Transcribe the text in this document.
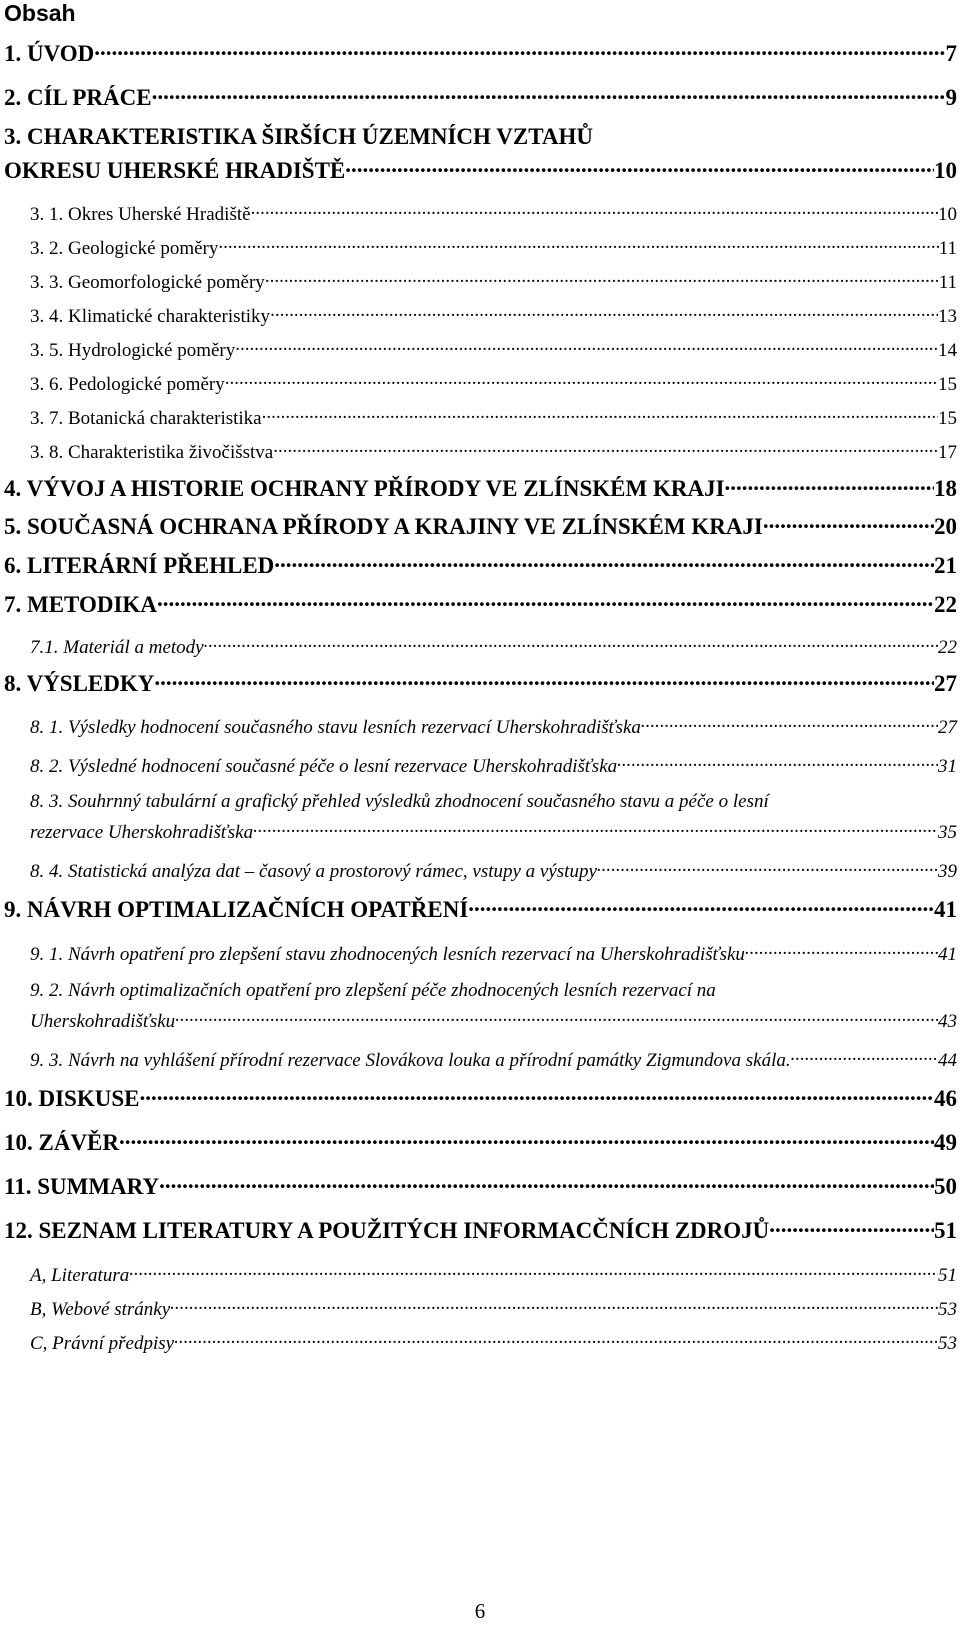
Obsah
1. ÚVOD .....	7
2. CÍL PRÁCE .....	9
3. CHARAKTERISTIKA ŠIRŠÍCH ÚZEMNÍCH VZTAHŮ
OKRESU UHERSKÉ HRADIŠTĚ .....	10
3. 1. Okres Uherské Hradiště .....	10
3. 2. Geologické poměry .....	11
3. 3. Geomorfologické poměry .....	11
3. 4. Klimatické charakteristiky .....	13
3. 5. Hydrologické poměry .....	14
3. 6. Pedologické poměry .....	15
3. 7. Botanická charakteristika .....	15
3. 8. Charakteristika živočišstva .....	17
4. VÝVOJ A HISTORIE OCHRANY PŘÍRODY VE ZLÍNSKÉM KRAJI .....	18
5. SOUČASNÁ OCHRANA PŘÍRODY A KRAJINY VE ZLÍNSKÉM KRAJI .....	20
6. LITERÁRNÍ PŘEHLED .....	21
7. METODIKA .....	22
7.1. Materiál a metody .....	22
8. VÝSLEDKY .....	27
8. 1. Výsledky hodnocení současného stavu lesních rezervací Uherskohradišťska .....	27
8. 2. Výsledné hodnocení současné péče o lesní rezervace Uherskohradišťska .....	31
8. 3. Souhrnný tabulární a grafický přehled výsledků zhodnocení současného stavu a péče o lesní
rezervace Uherskohradišťska .....	35
8. 4. Statistická analýza dat – časový a prostorový rámec, vstupy a výstupy .....	39
9. NÁVRH OPTIMALIZAČNÍCH OPATŘENÍ .....	41
9. 1. Návrh opatření pro zlepšení stavu zhodnocených lesních rezervací na Uherskohradišťsku .....	41
9. 2. Návrh optimalizačních opatření pro zlepšení péče zhodnocených lesních rezervací na
Uherskohradišťsku .....	43
9. 3. Návrh na vyhlášení přírodní rezervace Slovákova louka a přírodní památky Zigmundova skála. .....	44
10. DISKUSE .....	46
10. ZÁVĚR .....	49
11. SUMMARY .....	50
12. SEZNAM LITERATURY A POUŽITÝCH INFORMACČNÍCH ZDROJŮ .....	51
A, Literatura .....	51
B, Webové stránky .....	53
C, Právní předpisy .....	53
6
